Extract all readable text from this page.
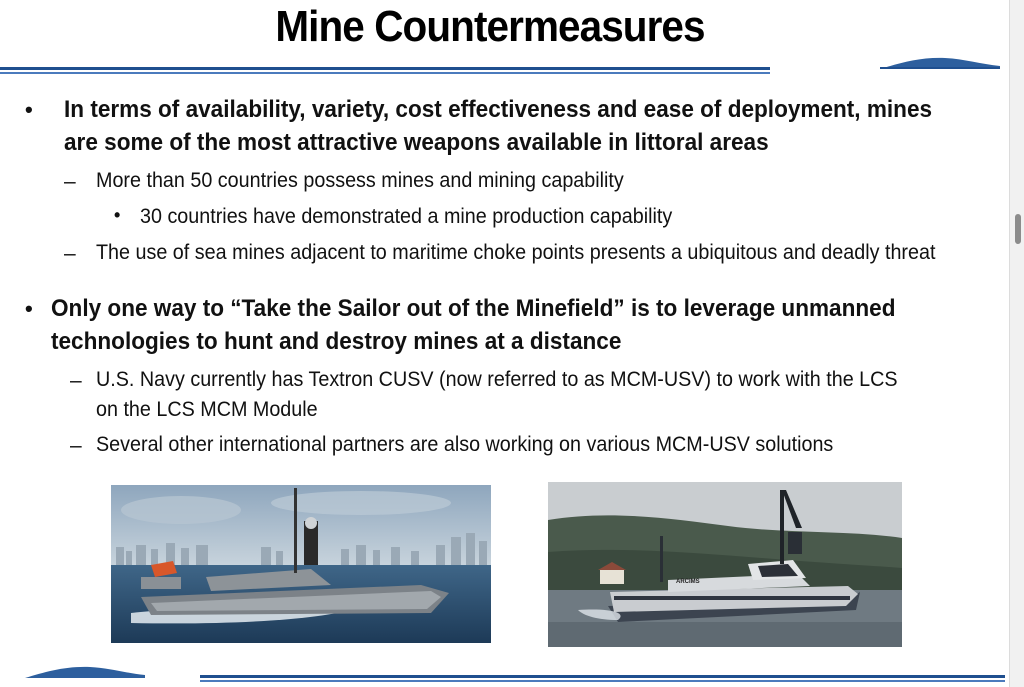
Mine Countermeasures
• In terms of availability, variety, cost effectiveness and ease of deployment, mines are some of the most attractive weapons available in littoral areas
– More than 50 countries possess mines and mining capability
• 30 countries have demonstrated a mine production capability
– The use of sea mines adjacent to maritime choke points presents a ubiquitous and deadly threat
• Only one way to “Take the Sailor out of the Minefield” is to leverage unmanned technologies to hunt and destroy mines at a distance
– U.S. Navy currently has Textron CUSV (now referred to as MCM-USV) to work with the LCS on the LCS MCM Module
– Several other international partners are also working on various MCM-USV solutions
ARCIMS
